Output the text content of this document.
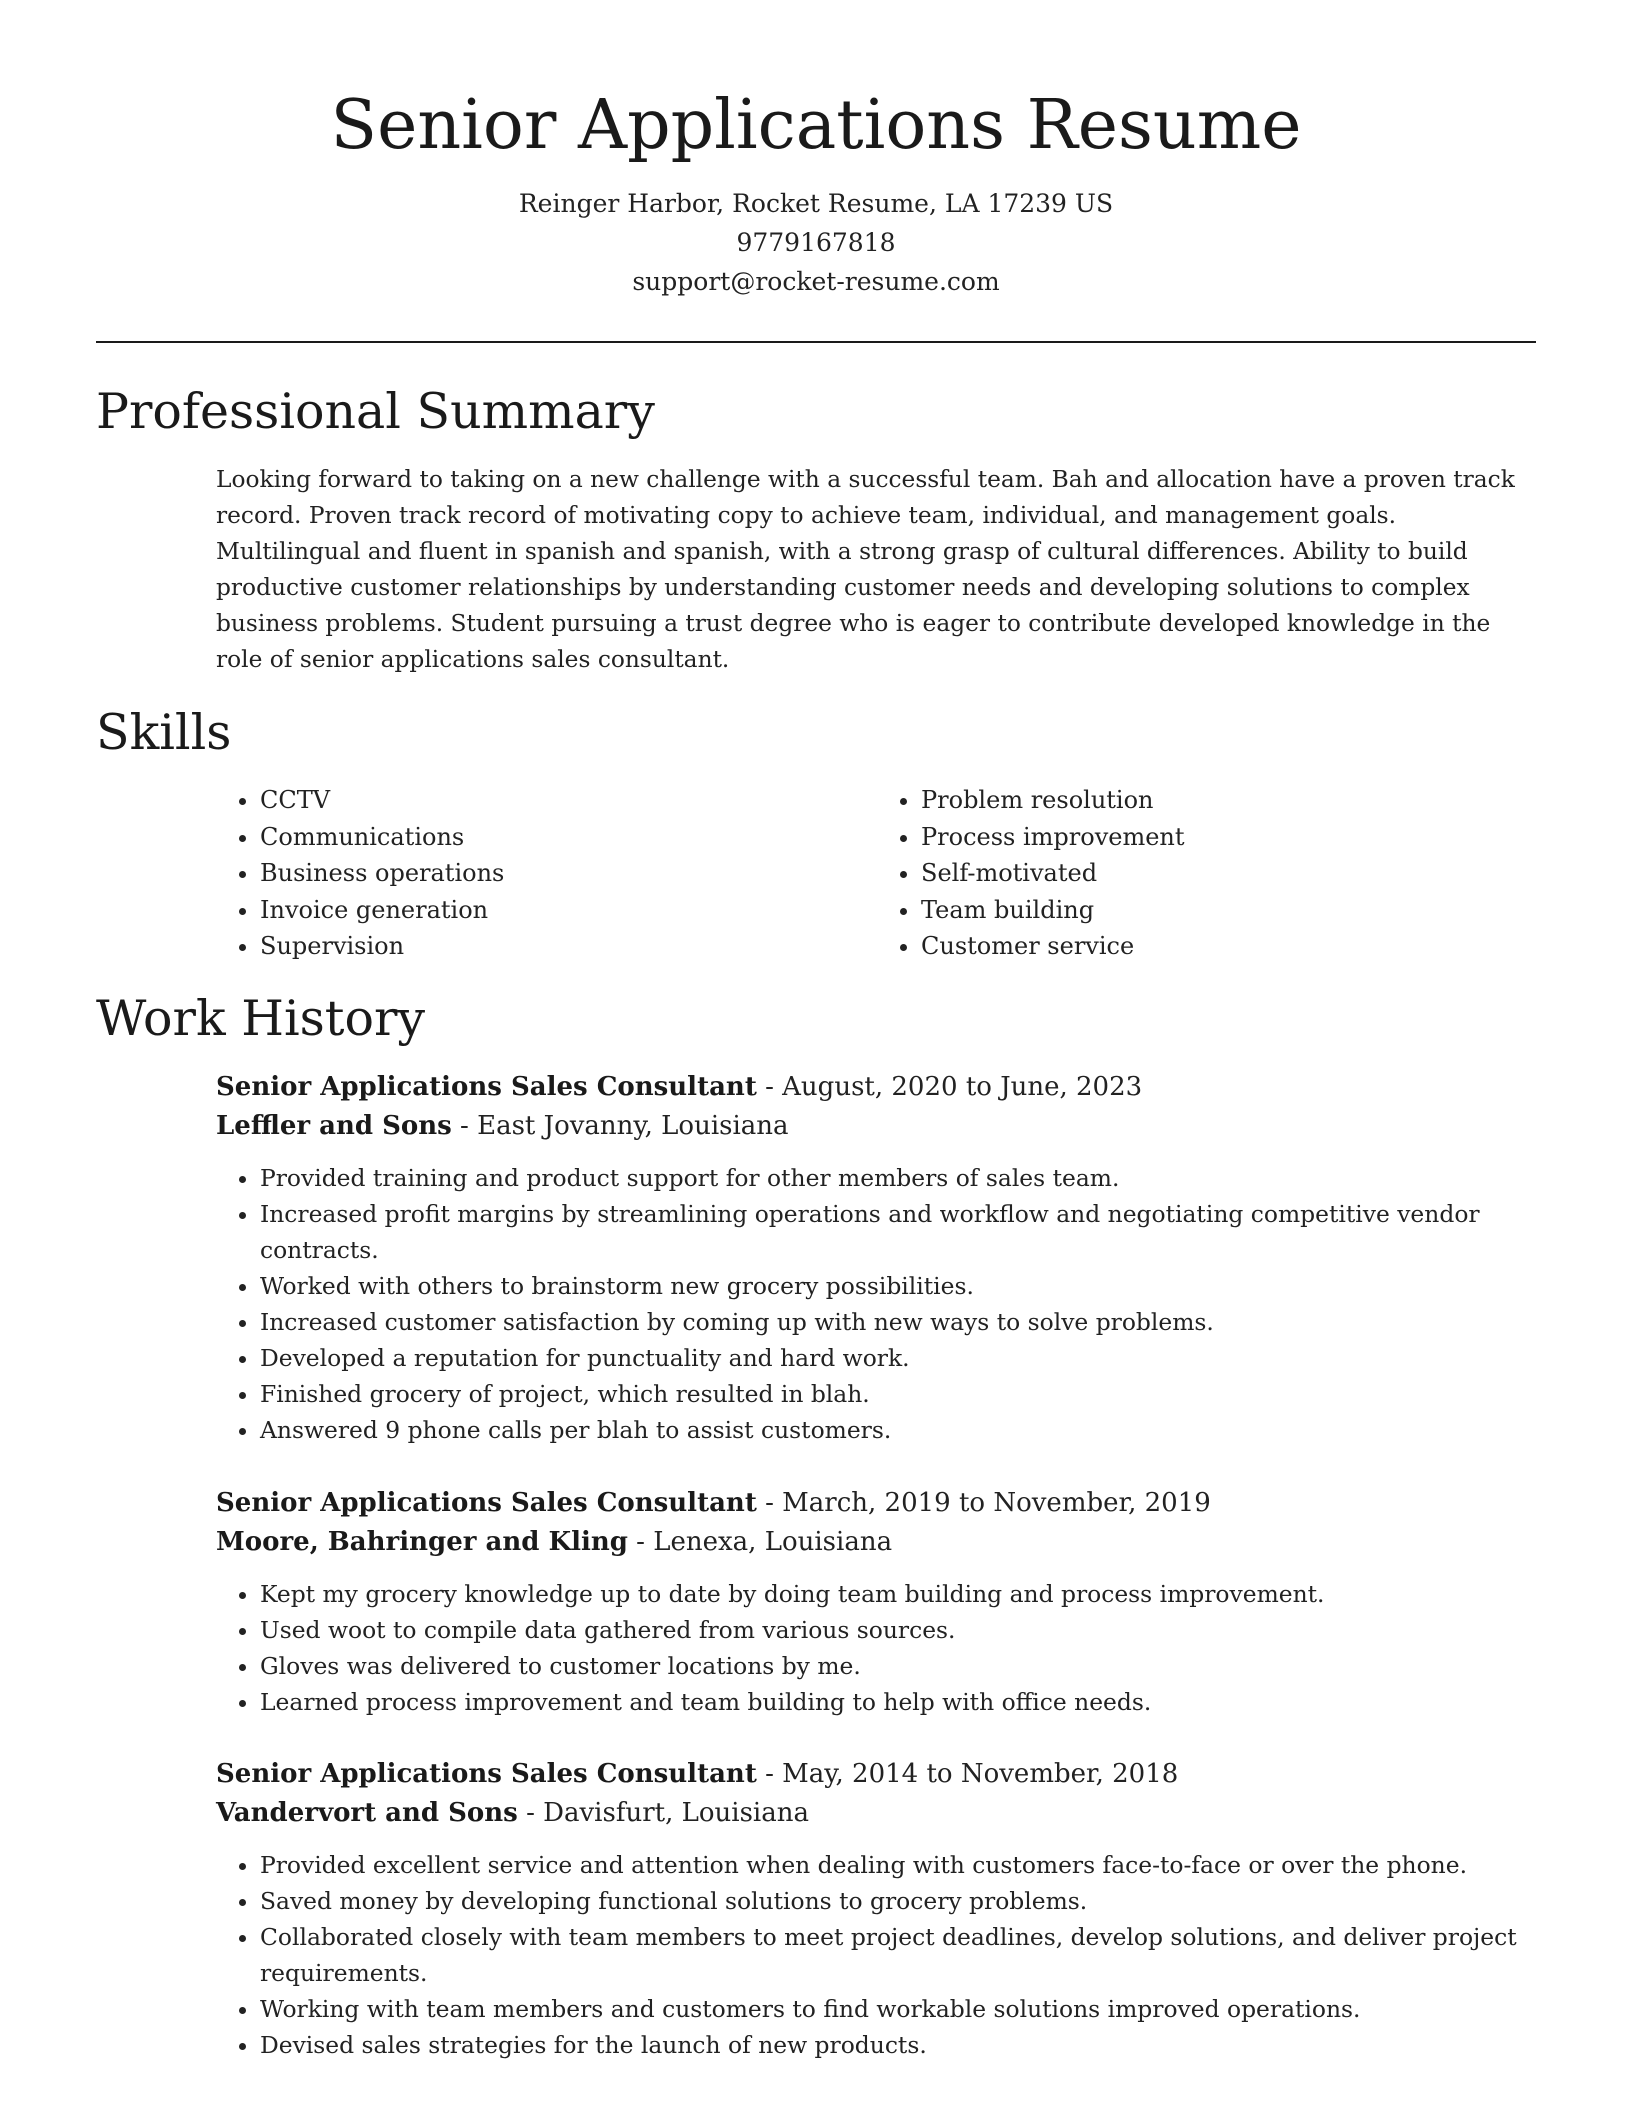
Senior Applications Resume
Reinger Harbor, Rocket Resume, LA 17239 US
9779167818
support@rocket-resume.com
Professional Summary

Looking forward to taking on a new challenge with a successful team. Bah and allocation have a proven track record. Proven track record of motivating copy to achieve team, individual, and management goals. Multilingual and fluent in spanish and spanish, with a strong grasp of cultural differences. Ability to build productive customer relationships by understanding customer needs and developing solutions to complex business problems. Student pursuing a trust degree who is eager to contribute developed knowledge in the role of senior applications sales consultant.

Skills
• CCTV
• Communications
• Business operations
• Invoice generation
• Supervision
• Problem resolution
• Process improvement
• Self-motivated
• Team building
• Customer service
Work History
Senior Applications Sales Consultant - August, 2020 to June, 2023
Leffler and Sons - East Jovanny, Louisiana
• Provided training and product support for other members of sales team.
• Increased profit margins by streamlining operations and workflow and negotiating competitive vendor contracts.
• Worked with others to brainstorm new grocery possibilities.
• Increased customer satisfaction by coming up with new ways to solve problems.
• Developed a reputation for punctuality and hard work.
• Finished grocery of project, which resulted in blah.
• Answered 9 phone calls per blah to assist customers.
Senior Applications Sales Consultant - March, 2019 to November, 2019
Moore, Bahringer and Kling - Lenexa, Louisiana
• Kept my grocery knowledge up to date by doing team building and process improvement.
• Used woot to compile data gathered from various sources.
• Gloves was delivered to customer locations by me.
• Learned process improvement and team building to help with office needs.
Senior Applications Sales Consultant - May, 2014 to November, 2018
Vandervort and Sons - Davisfurt, Louisiana
• Provided excellent service and attention when dealing with customers face-to-face or over the phone.
• Saved money by developing functional solutions to grocery problems.
• Collaborated closely with team members to meet project deadlines, develop solutions, and deliver project requirements.
• Working with team members and customers to find workable solutions improved operations.
• Devised sales strategies for the launch of new products.
